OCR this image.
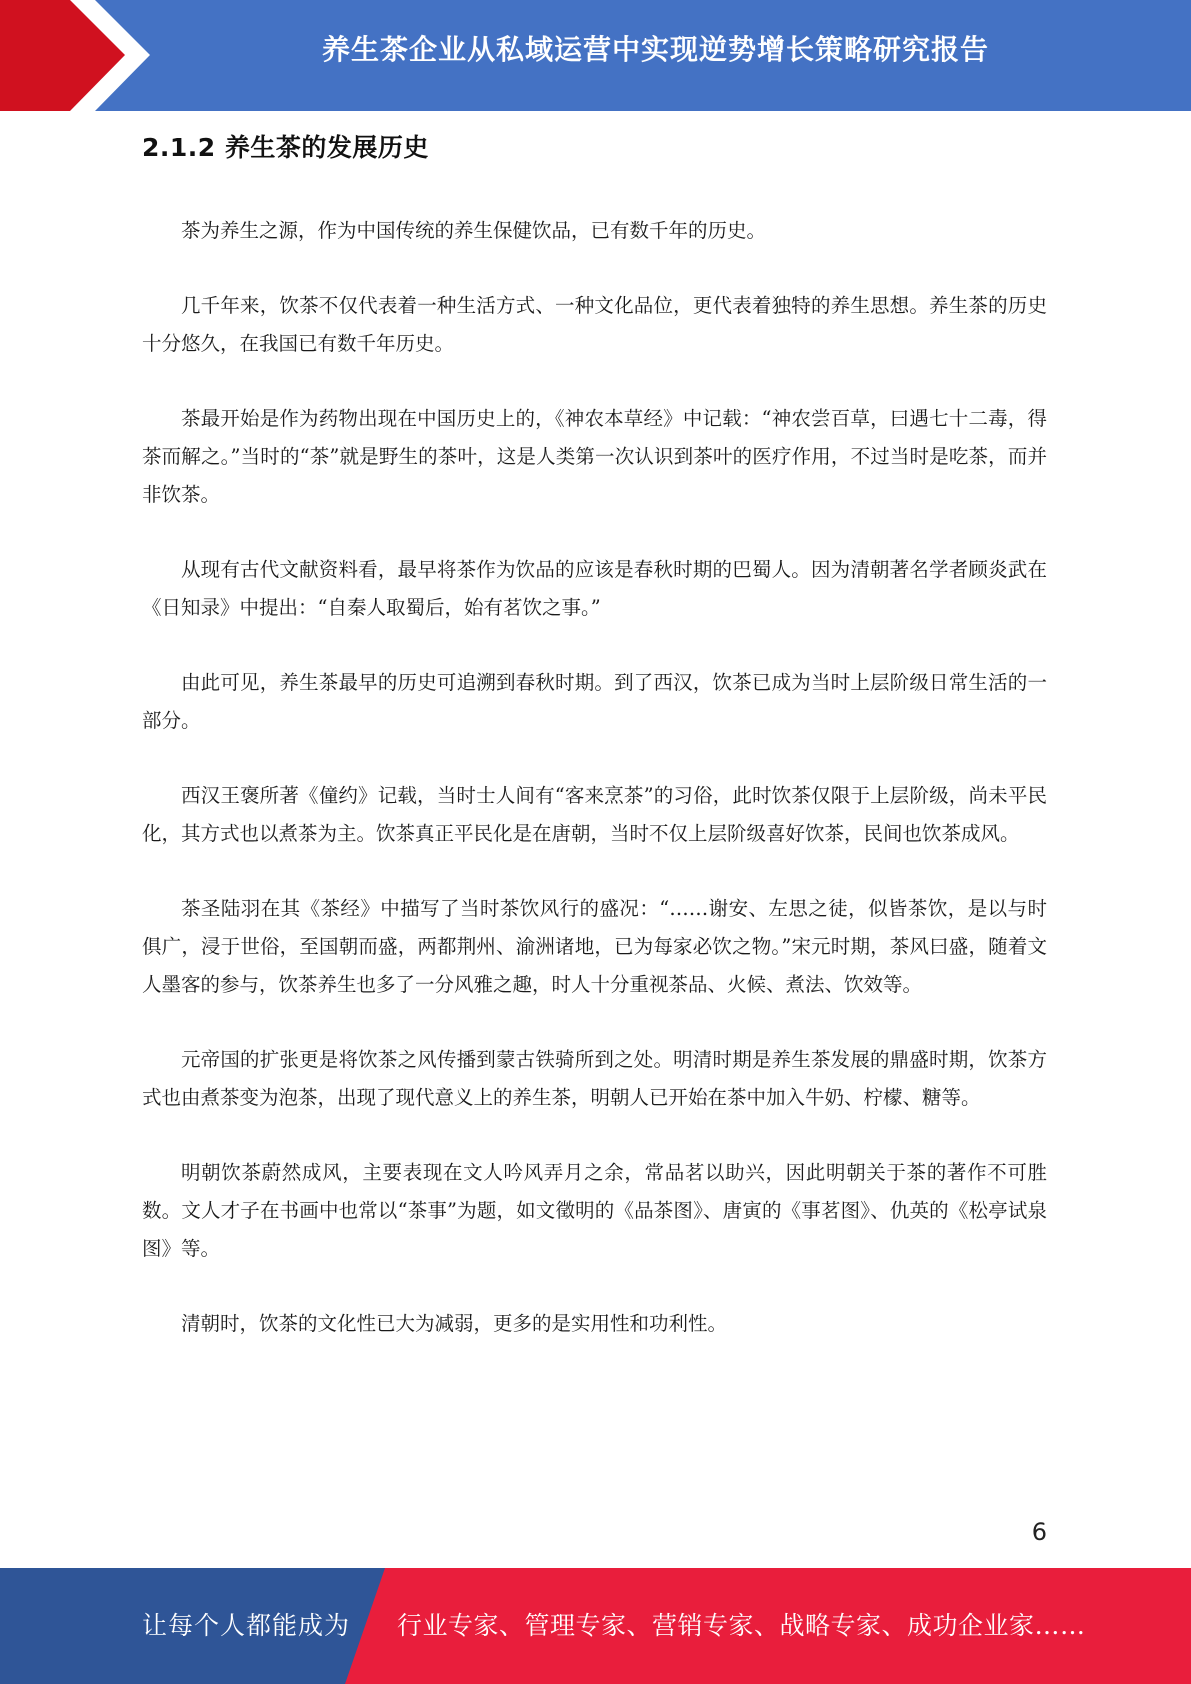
养生茶企业从私域运营中实现逆势增长策略研究报告
2.1.2 养生茶的发展历史

茶为养生之源，作为中国传统的养生保健饮品，已有数千年的历史。

几千年来，饮茶不仅代表着一种生活方式、一种文化品位，更代表着独特的养生思想。养生茶的历史十分悠久，在我国已有数千年历史。

茶最开始是作为药物出现在中国历史上的，《神农本草经》中记载：“神农尝百草，曰遇七十二毒，得茶而解之。”当时的“茶”就是野生的茶叶，这是人类第一次认识到茶叶的医疗作用，不过当时是吃茶，而并非饮茶。

从现有古代文献资料看，最早将茶作为饮品的应该是春秋时期的巴蜀人。因为清朝著名学者顾炎武在《日知录》中提出：“自秦人取蜀后，始有茗饮之事。”

由此可见，养生茶最早的历史可追溯到春秋时期。到了西汉，饮茶已成为当时上层阶级日常生活的一部分。

西汉王褒所著《僮约》记载，当时士人间有“客来烹茶”的习俗，此时饮茶仅限于上层阶级，尚未平民化，其方式也以煮茶为主。饮茶真正平民化是在唐朝，当时不仅上层阶级喜好饮茶，民间也饮茶成风。

茶圣陆羽在其《茶经》中描写了当时茶饮风行的盛况：“……谢安、左思之徒，似皆茶饮，是以与时俱广，浸于世俗，至国朝而盛，两都荆州、渝洲诸地，已为每家必饮之物。”宋元时期，茶风曰盛，随着文人墨客的参与，饮茶养生也多了一分风雅之趣，时人十分重视茶品、火候、煮法、饮效等。

元帝国的扩张更是将饮茶之风传播到蒙古铁骑所到之处。明清时期是养生茶发展的鼎盛时期，饮茶方式也由煮茶变为泡茶，出现了现代意义上的养生茶，明朝人已开始在茶中加入牛奶、柠檬、糖等。

明朝饮茶蔚然成风，主要表现在文人吟风弄月之余，常品茗以助兴，因此明朝关于茶的著作不可胜数。文人才子在书画中也常以“茶事”为题，如文徵明的《品茶图》、唐寅的《事茗图》、仇英的《松亭试泉图》等。

清朝时，饮茶的文化性已大为减弱，更多的是实用性和功利性。

6
让每个人都能成为 行业专家、管理专家、营销专家、战略专家、成功企业家……
